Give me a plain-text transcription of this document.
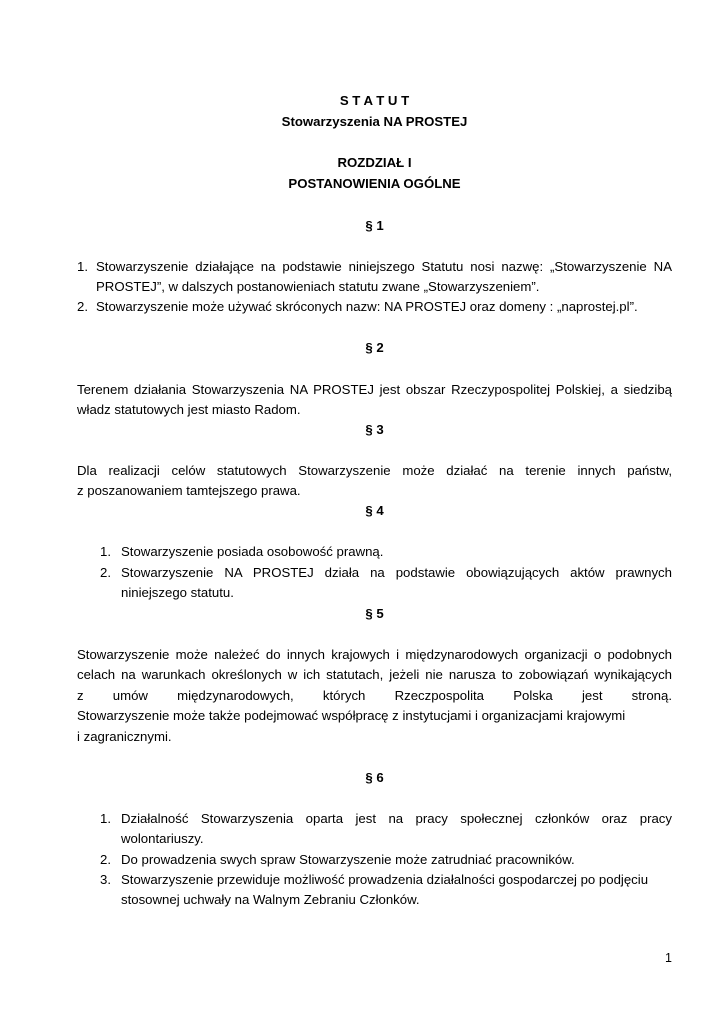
S T A T U T
Stowarzyszenia NA PROSTEJ
ROZDZIAŁ I
POSTANOWIENIA OGÓLNE
§ 1
1. Stowarzyszenie działające na podstawie niniejszego Statutu nosi nazwę: „Stowarzyszenie NA
PROSTEJ”, w dalszych postanowieniach statutu zwane „Stowarzyszeniem”.
2. Stowarzyszenie może używać skróconych nazw: NA PROSTEJ oraz domeny : „naprostej.pl”.
§ 2
Terenem działania Stowarzyszenia NA PROSTEJ jest obszar Rzeczypospolitej Polskiej, a siedzibą
władz statutowych jest miasto Radom.
§ 3
Dla realizacji celów statutowych Stowarzyszenie może działać na terenie innych państw,
z poszanowaniem tamtejszego prawa.
§ 4
1. Stowarzyszenie posiada osobowość prawną.
2. Stowarzyszenie NA PROSTEJ działa na podstawie obowiązujących aktów prawnych
niniejszego statutu.
§ 5
Stowarzyszenie może należeć do innych krajowych i międzynarodowych organizacji o podobnych
celach na warunkach określonych w ich statutach, jeżeli nie narusza to zobowiązań wynikających
z umów międzynarodowych, których Rzeczpospolita Polska jest stroną.
Stowarzyszenie może także podejmować współpracę z instytucjami i organizacjami krajowymi
i zagranicznymi.
§ 6
1. Działalność Stowarzyszenia oparta jest na pracy społecznej członków oraz pracy
wolontariuszy.
2. Do prowadzenia swych spraw Stowarzyszenie może zatrudniać pracowników.
3. Stowarzyszenie przewiduje możliwość prowadzenia działalności gospodarczej po podjęciu
stosownej uchwały na Walnym Zebraniu Członków.
1
